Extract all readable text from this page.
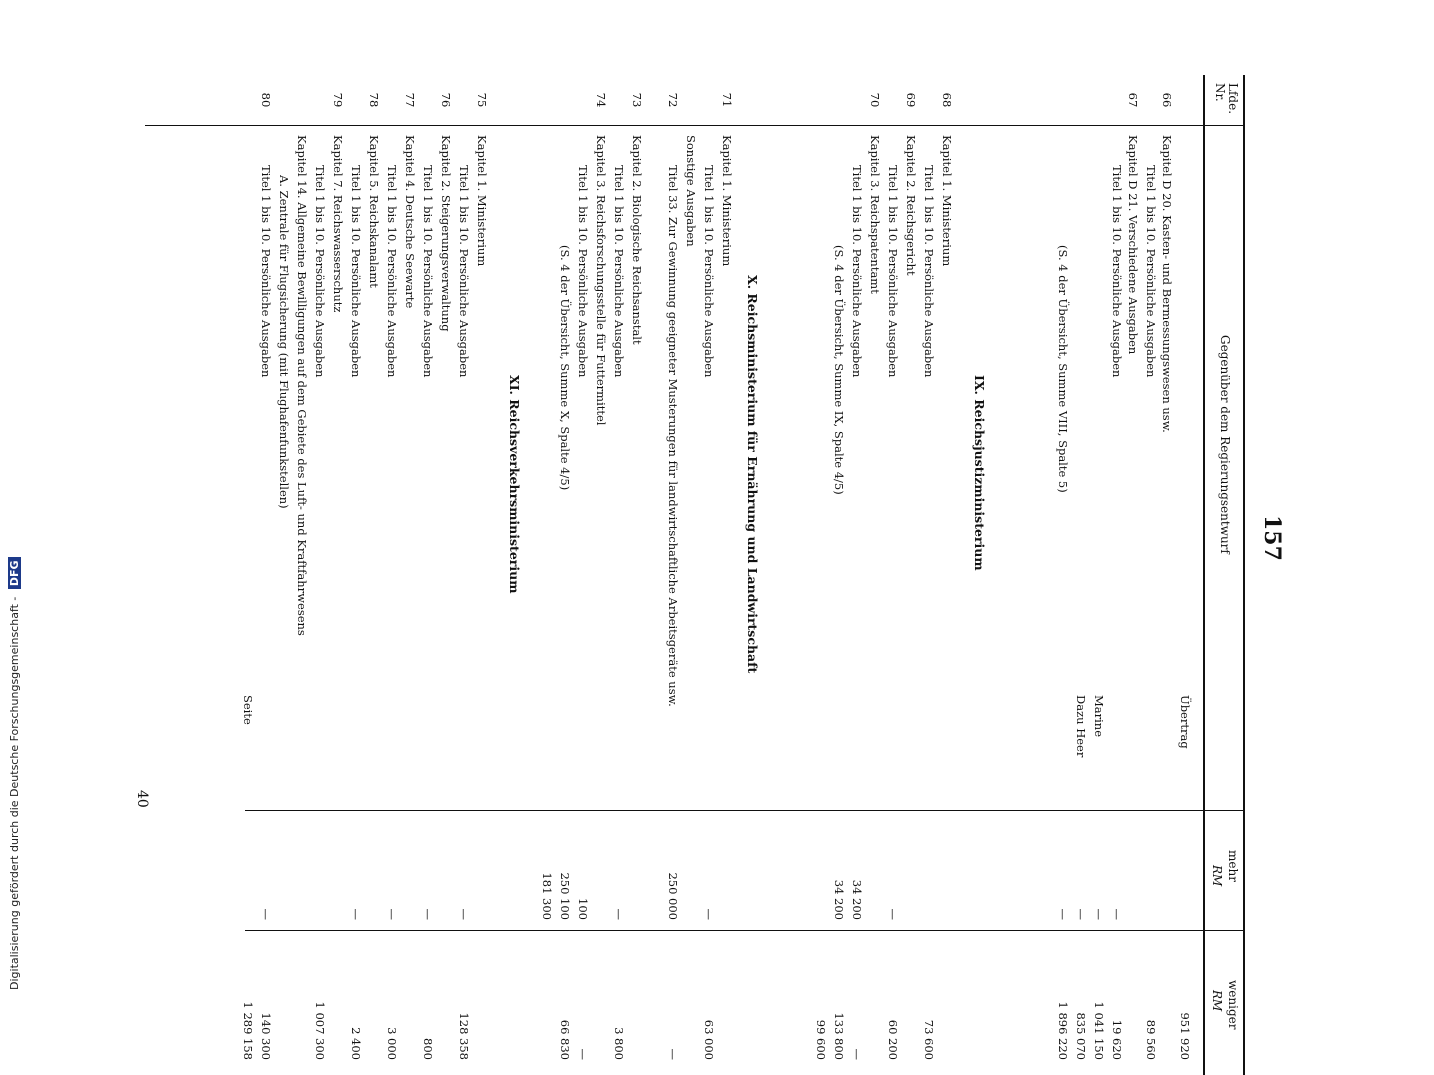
157
Lfde. Nr.
Gegenüber dem Regierungsentwurf
mehr
RM
weniger
RM
IX. Reichsjustizministerium
X. Reichsministerium für Ernährung und Landwirtschaft
XI. Reichsverkehrsministerium
Übertrag
951 920
66
Kapitel D 20. Kasten- und Bermessungswesen usw.
Titel 1 bis 10. Persönliche Ausgaben
89 560
67
Kapitel D 21. Verschiedene Ausgaben
Titel 1 bis 10. Persönliche Ausgaben
—
19 620
Marine
—
1 041 150
Dazu Heer
—
835 070
(S. 4 der Übersicht, Summe VIII, Spalte 5)
—
1 896 220
68
Kapitel 1. Ministerium
Titel 1 bis 10. Persönliche Ausgaben
73 600
69
Kapitel 2. Reichsgericht
Titel 1 bis 10. Persönliche Ausgaben
—
60 200
70
Kapitel 3. Reichspatentamt
Titel 1 bis 10. Persönliche Ausgaben
34 200
—
(S. 4 der Übersicht, Summe IX, Spalte 4/5)
34 200
133 800
99 600
71
Kapitel 1. Ministerium
Titel 1 bis 10. Persönliche Ausgaben
—
63 000
Sonstige Ausgaben
72
Titel 33. Zur Gewinnung geeigneter Musterungen für landwirtschaftliche Arbeitsgeräte usw.
250 000
—
73
Kapitel 2. Biologische Reichsanstalt
Titel 1 bis 10. Persönliche Ausgaben
—
3 800
74
Kapitel 3. Reichsforschungsstelle für Futtermittel
Titel 1 bis 10. Persönliche Ausgaben
100
—
(S. 4 der Übersicht, Summe X, Spalte 4/5)
250 100
66 830
181 300
75
Kapitel 1. Ministerium
Titel 1 bis 10. Persönliche Ausgaben
—
128 358
76
Kapitel 2. Steigerungsverwaltung
Titel 1 bis 10. Persönliche Ausgaben
—
800
77
Kapitel 4. Deutsche Seewarte
Titel 1 bis 10. Persönliche Ausgaben
—
3 000
78
Kapitel 5. Reichskanalamt
Titel 1 bis 10. Persönliche Ausgaben
—
2 400
79
Kapitel 7. Reichswasserschutz
Titel 1 bis 10. Persönliche Ausgaben
1 007 300
Kapitel 14. Allgemeine Bewilligungen auf dem Gebiete des Luft- und Kraftfahrwesens
A. Zentrale für Flugsicherung (mit Flughafenfunkstellen)
80
Titel 1 bis 10. Persönliche Ausgaben
—
140 300
Seite
1 289 158
40
Digitalisierung gefördert durch die Deutsche Forschungsgemeinschaft - DFG
